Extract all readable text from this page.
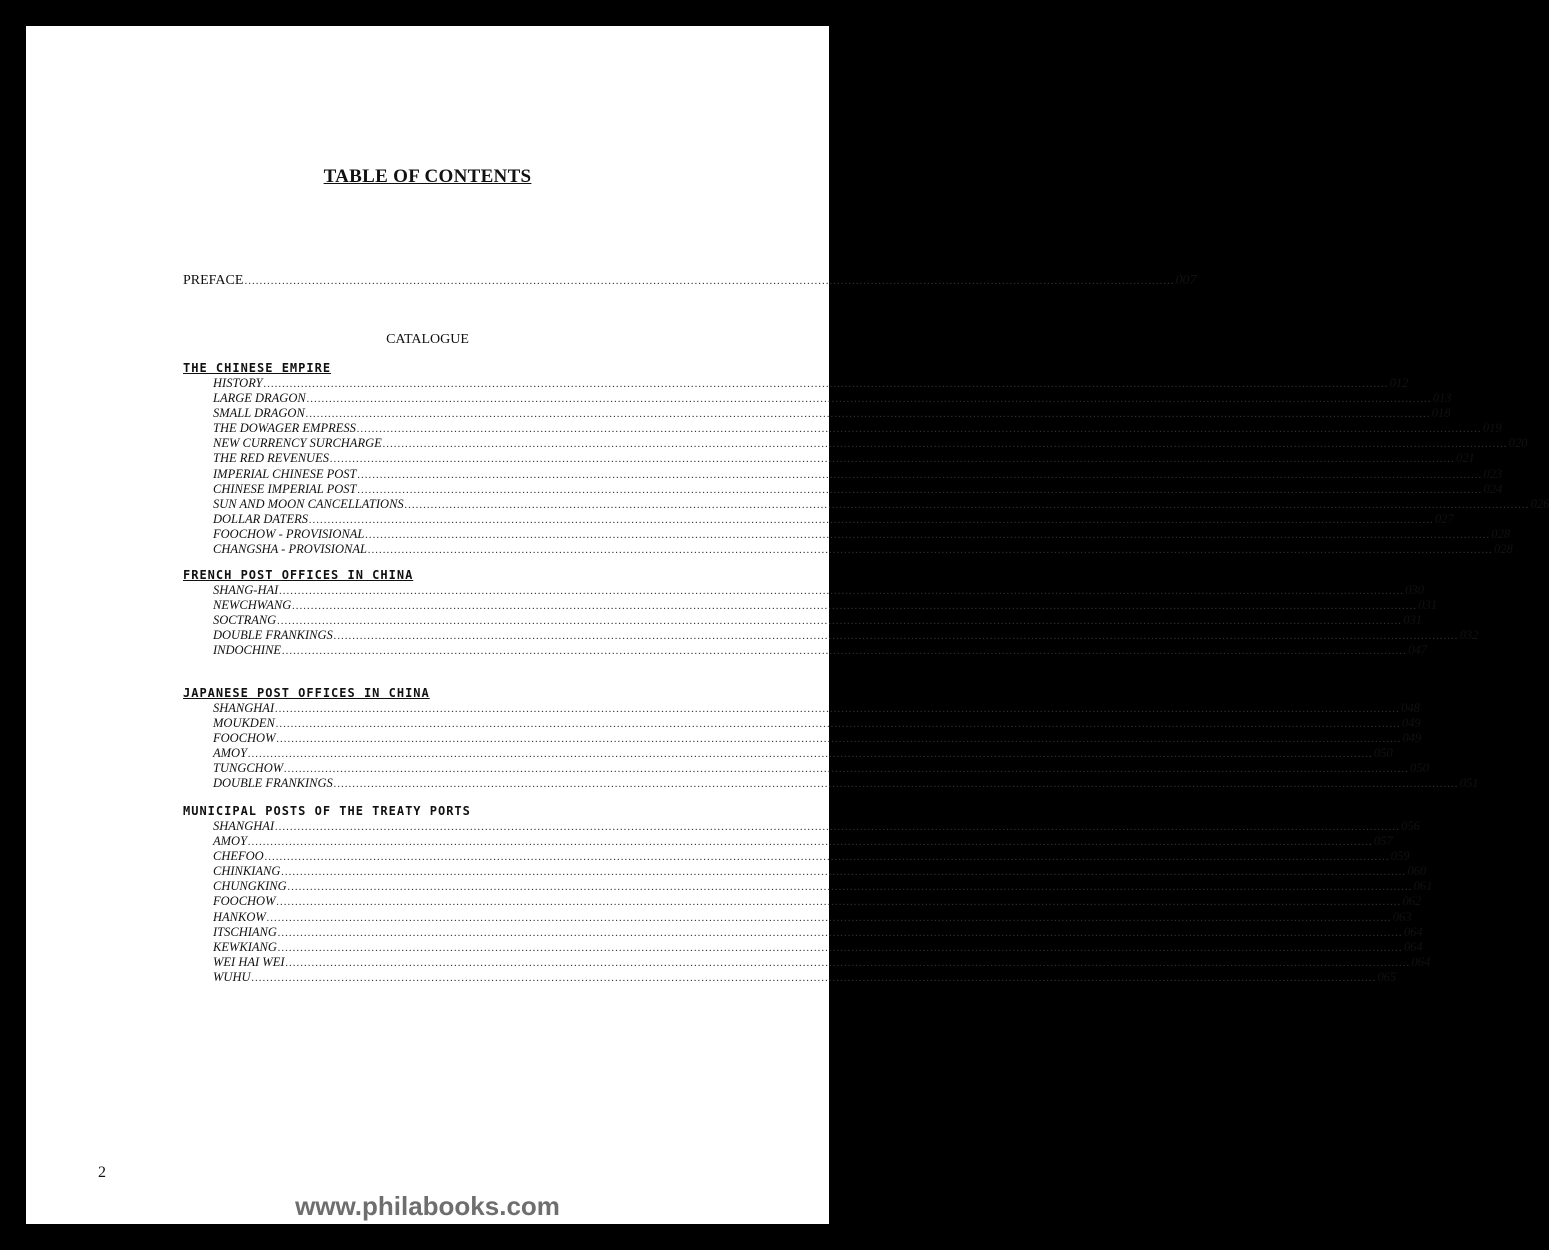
TABLE OF CONTENTS
PREFACE ........................................................................................................................................................................................................................................................ 007
CATALOGUE
THE CHINESE EMPIRE
HISTORY ............................................................................................................................................................................................................................................................................................................ 012
LARGE DRAGON ............................................................................................................................................................................................................................................................................................................ 013
SMALL DRAGON ............................................................................................................................................................................................................................................................................................................ 018
THE DOWAGER EMPRESS ............................................................................................................................................................................................................................................................................................................ 019
NEW CURRENCY SURCHARGE ............................................................................................................................................................................................................................................................................................................ 020
THE RED REVENUES ............................................................................................................................................................................................................................................................................................................ 021
IMPERIAL CHINESE POST ............................................................................................................................................................................................................................................................................................................ 023
CHINESE IMPERIAL POST ............................................................................................................................................................................................................................................................................................................ 024
SUN AND MOON CANCELLATIONS ............................................................................................................................................................................................................................................................................................................ 026
DOLLAR DATERS ............................................................................................................................................................................................................................................................................................................ 027
FOOCHOW - PROVISIONAL ............................................................................................................................................................................................................................................................................................................ 028
CHANGSHA - PROVISIONAL ............................................................................................................................................................................................................................................................................................................ 028
FRENCH POST OFFICES IN CHINA
SHANG-HAI ............................................................................................................................................................................................................................................................................................................ 030
NEWCHWANG ............................................................................................................................................................................................................................................................................................................ 031
SOCTRANG ............................................................................................................................................................................................................................................................................................................ 031
DOUBLE FRANKINGS ............................................................................................................................................................................................................................................................................................................ 032
INDOCHINE ............................................................................................................................................................................................................................................................................................................ 047
JAPANESE POST OFFICES IN CHINA
SHANGHAI ............................................................................................................................................................................................................................................................................................................ 048
MOUKDEN ............................................................................................................................................................................................................................................................................................................ 049
FOOCHOW ............................................................................................................................................................................................................................................................................................................ 049
AMOY ............................................................................................................................................................................................................................................................................................................ 050
TUNGCHOW ............................................................................................................................................................................................................................................................................................................ 050
DOUBLE FRANKINGS ............................................................................................................................................................................................................................................................................................................ 051
MUNICIPAL POSTS OF THE TREATY PORTS
SHANGHAI ............................................................................................................................................................................................................................................................................................................ 056
AMOY ............................................................................................................................................................................................................................................................................................................ 057
CHEFOO ............................................................................................................................................................................................................................................................................................................ 059
CHINKIANG ............................................................................................................................................................................................................................................................................................................ 060
CHUNGKING ............................................................................................................................................................................................................................................................................................................ 061
FOOCHOW ............................................................................................................................................................................................................................................................................................................ 062
HANKOW ............................................................................................................................................................................................................................................................................................................ 063
ITSCHIANG ............................................................................................................................................................................................................................................................................................................ 064
KEWKIANG ............................................................................................................................................................................................................................................................................................................ 064
WEI HAI WEI ............................................................................................................................................................................................................................................................................................................ 064
WUHU ............................................................................................................................................................................................................................................................................................................ 065
2
www.philabooks.com
